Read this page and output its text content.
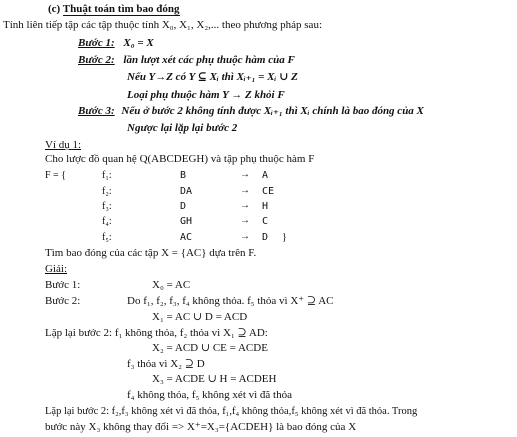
(c) Thuật toán tìm bao đóng
Tính liên tiếp tập các tập thuộc tính X₀, X₁, X₂,... theo phương pháp sau:
Bước 1: X₀ = X
Bước 2: lần lượt xét các phụ thuộc hàm của F
Nếu Y→Z có Y ⊆ Xᵢ thì Xᵢ₊₁ = Xᵢ ∪ Z
Loại phụ thuộc hàm Y → Z khỏi F
Bước 3: Nếu ở bước 2 không tính được Xᵢ₊₁ thì Xᵢ chính là bao đóng của X
Ngược lại lặp lại bước 2
Ví dụ 1:
Cho lược đồ quan hệ Q(ABCDEGH) và tập phụ thuộc hàm F
F = {	f₁:	B	→ A
f₂:	DA	→ CE
f₃:	D	→ H
f₄:	GH	→ C
f₅:	AC	→ D }
Tìm bao đóng của các tập X = {AC} dựa trên F.
Giải:
Bước 1:	X₀ = AC
Bước 2:	Do f₁, f₂, f₃, f₄ không thỏa. f₅ thỏa vì X⁺ ⊇ AC
X₁ = AC ∪ D = ACD
Lặp lại bước 2: f₁ không thỏa, f₂ thỏa vì X₁ ⊇ AD:
X₂ = ACD ∪ CE = ACDE
f₃ thỏa vì X₂ ⊇ D
X₃ = ACDE ∪ H = ACDEH
f₄ không thỏa, f₅ không xét vì đã thỏa
Lặp lại bước 2: f₂,f₃ không xét vì đã thỏa, f₁,f₄ không thỏa,f₅ không xét vì đã thỏa. Trong
bước này X₃ không thay đổi => X⁺=X₃={ACDEH} là bao đóng của X
